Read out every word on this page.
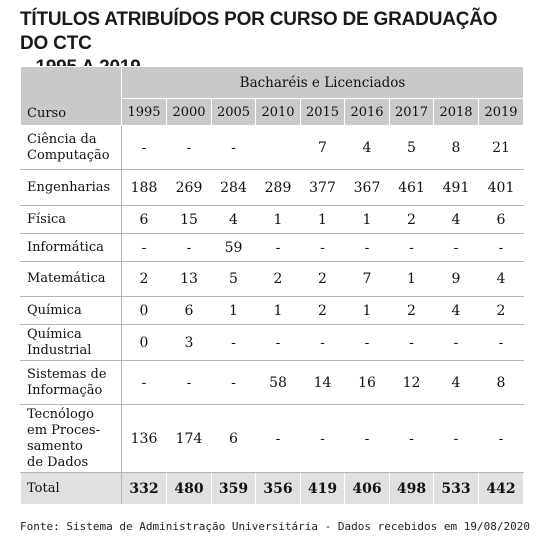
TÍTULOS ATRIBUÍDOS POR CURSO DE GRADUAÇÃO DO CTC
Curso	Bacharéis e Licenciados								
	1995	2000	2005	2010	2015	2016	2017	2018	2019

Ciência da
Computação	-	-	-		7	4	5	8	21

Engenharias	188	269	284	289	377	367	461	491	401

Física	6	15	4	1	1	1	2	4	6

Informática	-	-	59	-	-	-	-	-	-

Matemática	2	13	5	2	2	7	1	9	4

Química	0	6	1	1	2	1	2	4	2

Química
Industrial	0	3	-	-	-	-	-	-	-

Sistemas de
Informação	-	-	-	58	14	16	12	4	8

Tecnólogo
em Proces-
samento
de Dados	136	174	6	-	-	-	-	-	-

Total	332	480	359	356	419	406	498	533	442
Fonte: Sistema de Administração Universitária - Dados recebidos em 19/08/2020
